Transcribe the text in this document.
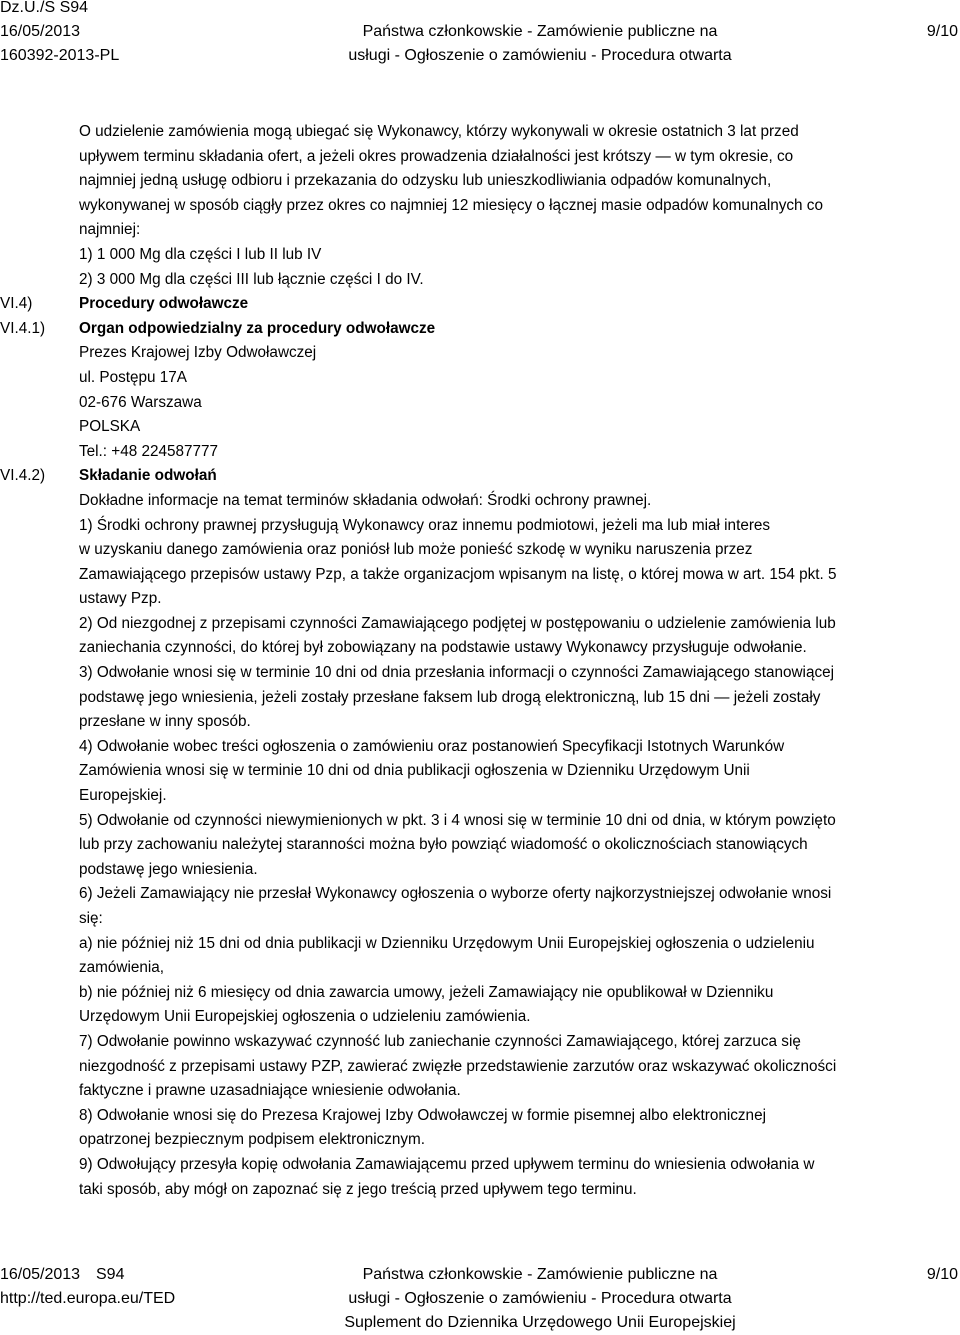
Dz.U./S S94
16/05/2013
160392-2013-PL
Państwa członkowskie - Zamówienie publiczne na
usługi - Ogłoszenie o zamówieniu - Procedura otwarta
9/10
O udzielenie zamówienia mogą ubiegać się Wykonawcy, którzy wykonywali w okresie ostatnich 3 lat przed
upływem terminu składania ofert, a jeżeli okres prowadzenia działalności jest krótszy — w tym okresie, co
najmniej jedną usługę odbioru i przekazania do odzysku lub unieszkodliwiania odpadów komunalnych,
wykonywanej w sposób ciągły przez okres co najmniej 12 miesięcy o łącznej masie odpadów komunalnych co
najmniej:
1) 1 000 Mg dla części I lub II lub IV
2) 3 000 Mg dla części III lub łącznie części I do IV.
VI.4)	Procedury odwoławcze
VI.4.1)	Organ odpowiedzialny za procedury odwoławcze
Prezes Krajowej Izby Odwoławczej
ul. Postępu 17A
02-676 Warszawa
POLSKA
Tel.: +48 224587777
VI.4.2)	Składanie odwołań
Dokładne informacje na temat terminów składania odwołań: Środki ochrony prawnej.
1) Środki ochrony prawnej przysługują Wykonawcy oraz innemu podmiotowi, jeżeli ma lub miał interes
w uzyskaniu danego zamówienia oraz poniósł lub może ponieść szkodę w wyniku naruszenia przez
Zamawiającego przepisów ustawy Pzp, a także organizacjom wpisanym na listę, o której mowa w art. 154 pkt. 5
ustawy Pzp.
2) Od niezgodnej z przepisami czynności Zamawiającego podjętej w postępowaniu o udzielenie zamówienia lub
zaniechania czynności, do której był zobowiązany na podstawie ustawy Wykonawcy przysługuje odwołanie.
3) Odwołanie wnosi się w terminie 10 dni od dnia przesłania informacji o czynności Zamawiającego stanowiącej
podstawę jego wniesienia, jeżeli zostały przesłane faksem lub drogą elektroniczną, lub 15 dni — jeżeli zostały
przesłane w inny sposób.
4) Odwołanie wobec treści ogłoszenia o zamówieniu oraz postanowień Specyfikacji Istotnych Warunków
Zamówienia wnosi się w terminie 10 dni od dnia publikacji ogłoszenia w Dzienniku Urzędowym Unii
Europejskiej.
5) Odwołanie od czynności niewymienionych w pkt. 3 i 4 wnosi się w terminie 10 dni od dnia, w którym powzięto
lub przy zachowaniu należytej staranności można było powziąć wiadomość o okolicznościach stanowiących
podstawę jego wniesienia.
6) Jeżeli Zamawiający nie przesłał Wykonawcy ogłoszenia o wyborze oferty najkorzystniejszej odwołanie wnosi
się:
a) nie później niż 15 dni od dnia publikacji w Dzienniku Urzędowym Unii Europejskiej ogłoszenia o udzieleniu
zamówienia,
b) nie później niż 6 miesięcy od dnia zawarcia umowy, jeżeli Zamawiający nie opublikował w Dzienniku
Urzędowym Unii Europejskiej ogłoszenia o udzieleniu zamówienia.
7) Odwołanie powinno wskazywać czynność lub zaniechanie czynności Zamawiającego, której zarzuca się
niezgodność z przepisami ustawy PZP, zawierać zwięzłe przedstawienie zarzutów oraz wskazywać okoliczności
faktyczne i prawne uzasadniające wniesienie odwołania.
8) Odwołanie wnosi się do Prezesa Krajowej Izby Odwoławczej w formie pisemnej albo elektronicznej
opatrzonej bezpiecznym podpisem elektronicznym.
9) Odwołujący przesyła kopię odwołania Zamawiającemu przed upływem terminu do wniesienia odwołania w
taki sposób, aby mógł on zapoznać się z jego treścią przed upływem tego terminu.
16/05/2013 S94
http://ted.europa.eu/TED
Państwa członkowskie - Zamówienie publiczne na
usługi - Ogłoszenie o zamówieniu - Procedura otwarta
Suplement do Dziennika Urzędowego Unii Europejskiej
9/10
